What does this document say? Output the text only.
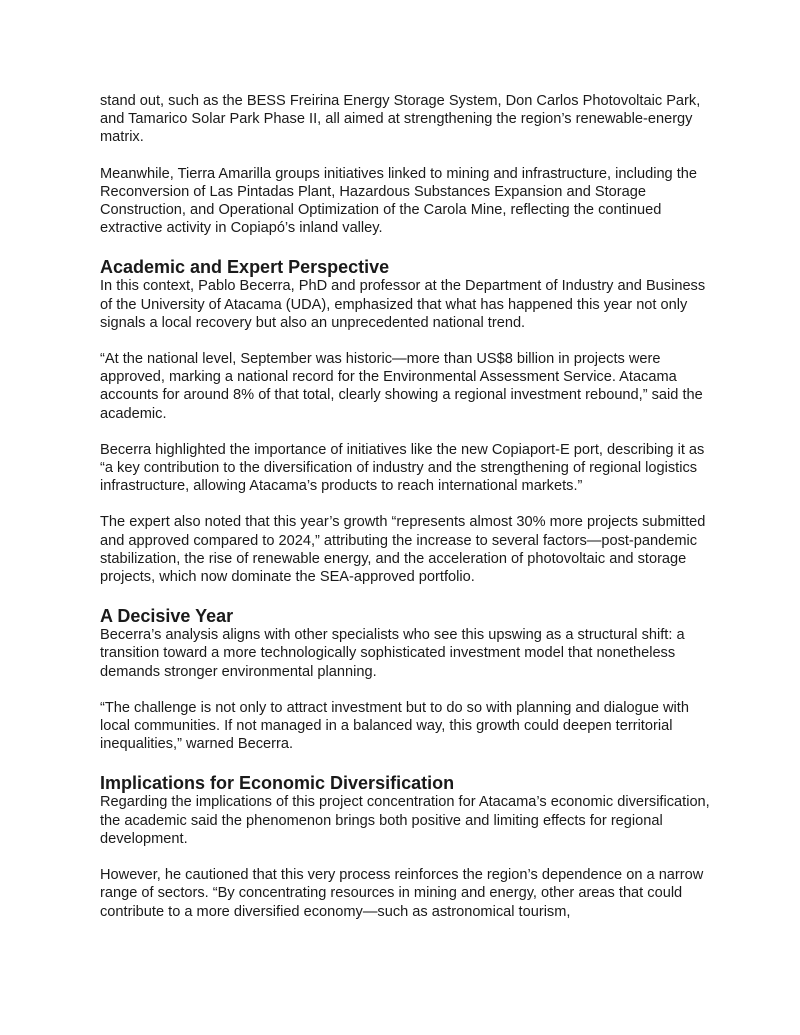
stand out, such as the BESS Freirina Energy Storage System, Don Carlos Photovoltaic Park, and Tamarico Solar Park Phase II, all aimed at strengthening the region’s renewable-energy matrix.

Meanwhile, Tierra Amarilla groups initiatives linked to mining and infrastructure, including the Reconversion of Las Pintadas Plant, Hazardous Substances Expansion and Storage Construction, and Operational Optimization of the Carola Mine, reflecting the continued extractive activity in Copiapó’s inland valley.

Academic and Expert Perspective

In this context, Pablo Becerra, PhD and professor at the Department of Industry and Business of the University of Atacama (UDA), emphasized that what has happened this year not only signals a local recovery but also an unprecedented national trend.

“At the national level, September was historic—more than US$8 billion in projects were approved, marking a national record for the Environmental Assessment Service. Atacama accounts for around 8% of that total, clearly showing a regional investment rebound,” said the academic.

Becerra highlighted the importance of initiatives like the new Copiaport-E port, describing it as “a key contribution to the diversification of industry and the strengthening of regional logistics infrastructure, allowing Atacama’s products to reach international markets.”

The expert also noted that this year’s growth “represents almost 30% more projects submitted and approved compared to 2024,” attributing the increase to several factors—post-pandemic stabilization, the rise of renewable energy, and the acceleration of photovoltaic and storage projects, which now dominate the SEA-approved portfolio.

A Decisive Year

Becerra’s analysis aligns with other specialists who see this upswing as a structural shift: a transition toward a more technologically sophisticated investment model that nonetheless demands stronger environmental planning.

“The challenge is not only to attract investment but to do so with planning and dialogue with local communities. If not managed in a balanced way, this growth could deepen territorial inequalities,” warned Becerra.

Implications for Economic Diversification

Regarding the implications of this project concentration for Atacama’s economic diversification, the academic said the phenomenon brings both positive and limiting effects for regional development.

However, he cautioned that this very process reinforces the region’s dependence on a narrow range of sectors. “By concentrating resources in mining and energy, other areas that could contribute to a more diversified economy—such as astronomical tourism,
